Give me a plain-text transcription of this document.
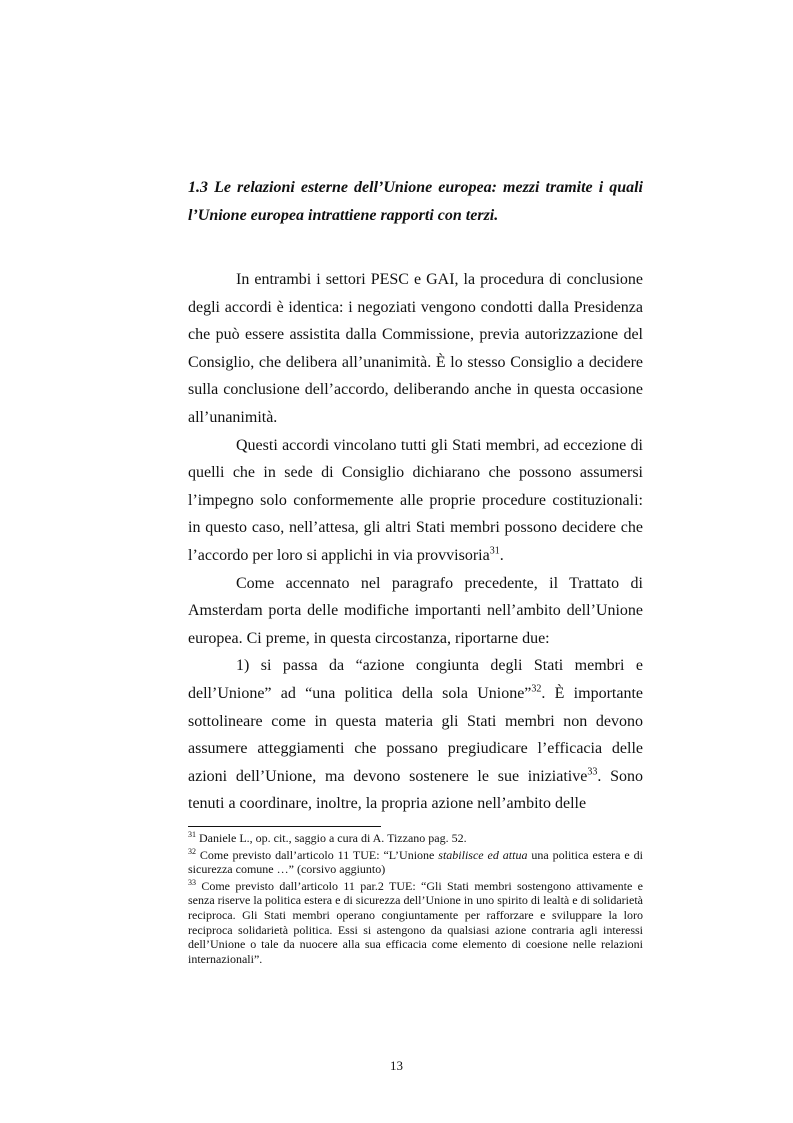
1.3 Le relazioni esterne dell’Unione europea: mezzi tramite i quali l’Unione europea intrattiene rapporti con terzi.

In entrambi i settori PESC e GAI, la procedura di conclusione degli accordi è identica: i negoziati vengono condotti dalla Presidenza che può essere assistita dalla Commissione, previa autorizzazione del Consiglio, che delibera all’unanimità. È lo stesso Consiglio a decidere sulla conclusione dell’accordo, deliberando anche in questa occasione all’unanimità.

Questi accordi vincolano tutti gli Stati membri, ad eccezione di quelli che in sede di Consiglio dichiarano che possono assumersi l’impegno solo conformemente alle proprie procedure costituzionali: in questo caso, nell’attesa, gli altri Stati membri possono decidere che l’accordo per loro si applichi in via provvisoria$^{31}$.

Come accennato nel paragrafo precedente, il Trattato di Amsterdam porta delle modifiche importanti nell’ambito dell’Unione europea. Ci preme, in questa circostanza, riportarne due:

1) si passa da “azione congiunta degli Stati membri e dell’Unione” ad “una politica della sola Unione”$^{32}$. È importante sottolineare come in questa materia gli Stati membri non devono assumere atteggiamenti che possano pregiudicare l’efficacia delle azioni dell’Unione, ma devono sostenere le sue iniziative$^{33}$. Sono tenuti a coordinare, inoltre, la propria azione nell’ambito delle

$^{31}$ Daniele L., op. cit., saggio a cura di A. Tizzano pag. 52.

$^{32}$ Come previsto dall’articolo 11 TUE: “L’Unione stabilisce ed attua una politica estera e di sicurezza comune …” (corsivo aggiunto)

$^{33}$ Come previsto dall’articolo 11 par.2 TUE: “Gli Stati membri sostengono attivamente e senza riserve la politica estera e di sicurezza dell’Unione in uno spirito di lealtà e di solidarietà reciproca. Gli Stati membri operano congiuntamente per rafforzare e sviluppare la loro reciproca solidarietà politica. Essi si astengono da qualsiasi azione contraria agli interessi dell’Unione o tale da nuocere alla sua efficacia come elemento di coesione nelle relazioni internazionali”.

13
